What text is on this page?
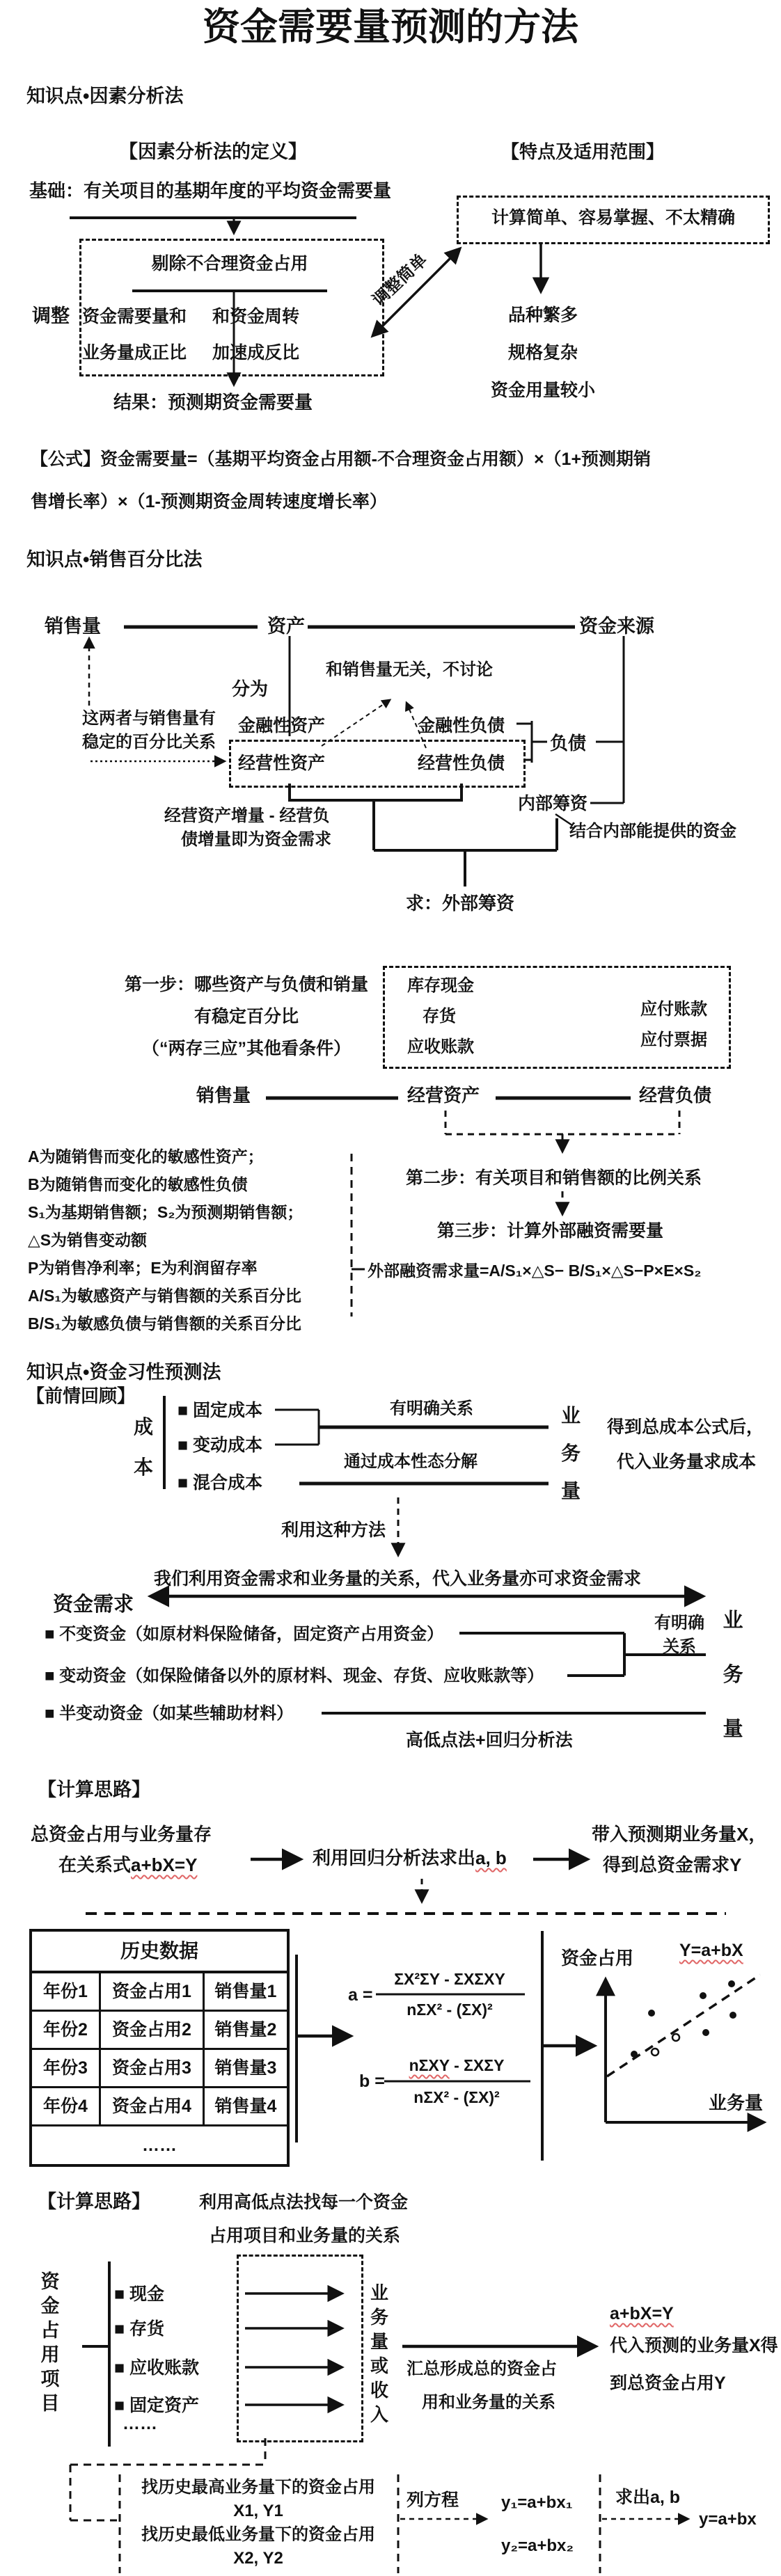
计算简单、容易掌握、不太精确
资金需要量预测的方法
知识点•因素分析法
【因素分析法的定义】	【特点及适用范围】
基础：有关项目的基期年度的平均资金需要量
剔除不合理资金占用
调整 资金需要量和
业务量成正比
和资金周转
加速成反比
结果：预测期资金需要量
调整简单
品种繁多
规格复杂
资金用量较小
【公式】资金需要量=（基期平均资金占用额-不合理资金占用额）×（1+预测期销
售增长率）×（1-预测期资金周转速度增长率）
知识点•销售百分比法
销售量	资产	资金来源
分为
和销售量无关，不讨论
这两者与销售量有
稳定的百分比关系
金融性资产	金融性负债
经营性资产	经营性负债
负债
经营资产增量 - 经营负
债增量即为资金需求
内部筹资
结合内部能提供的资金
求：外部筹资
第一步：哪些资产与负债和销量
有稳定百分比
（“两存三应”其他看条件）
库存现金
存货
应收账款
应付账款
应付票据
销售量	经营资产	经营负债
A为随销售而变化的敏感性资产；
B为随销售而变化的敏感性负债
S₁为基期销售额；S₂为预测期销售额；
△S为销售变动额
P为销售净利率；E为利润留存率
A/S₁为敏感资产与销售额的关系百分比
B/S₁为敏感负债与销售额的关系百分比
第二步：有关项目和销售额的比例关系
第三步：计算外部融资需要量
外部融资需求量=A/S₁×△S− B/S₁×△S−P×E×S₂
知识点•资金习性预测法
【前情回顾】
成本
■ 固定成本
■ 变动成本
■ 混合成本
有明确关系
通过成本性态分解
业务量
得到总成本公式后，
代入业务量求成本
利用这种方法
我们利用资金需求和业务量的关系，代入业务量亦可求资金需求
资金需求
业务量
有明确
关系
■ 不变资金（如原材料保险储备，固定资产占用资金）
■ 变动资金（如保险储备以外的原材料、现金、存货、应收账款等）
■ 半变动资金（如某些辅助材料）
高低点法+回归分析法
【计算思路】
总资金占用与业务量存
在关系式a+bX=Y	利用回归分析法求出a, b
带入预测期业务量X，
得到总资金需求Y
历史数据
年份1	资金占用1	销售量1
年份2	资金占用2	销售量2
年份3	资金占用3	销售量3
年份4	资金占用4	销售量4
……
a =
ΣX²ΣY - ΣXΣXY
nΣX² - (ΣX)²
b =
nΣXY - ΣXΣY
nΣX² - (ΣX)²
资金占用	Y=a+bX
业务量
【计算思路】	利用高低点法找每一个资金
占用项目和业务量的关系
资金占用项目
■ 现金
■ 存货
■ 应收账款
■ 固定资产
……
业务量或收入
汇总形成总的资金占
用和业务量的关系
a+bX=Y
代入预测的业务量X得
到总资金占用Y
找历史最高业务量下的资金占用
X1, Y1
找历史最低业务量下的资金占用
X2, Y2
列方程	y₁=a+bx₁
y₂=a+bx₂
求出a, b
y=a+bx
